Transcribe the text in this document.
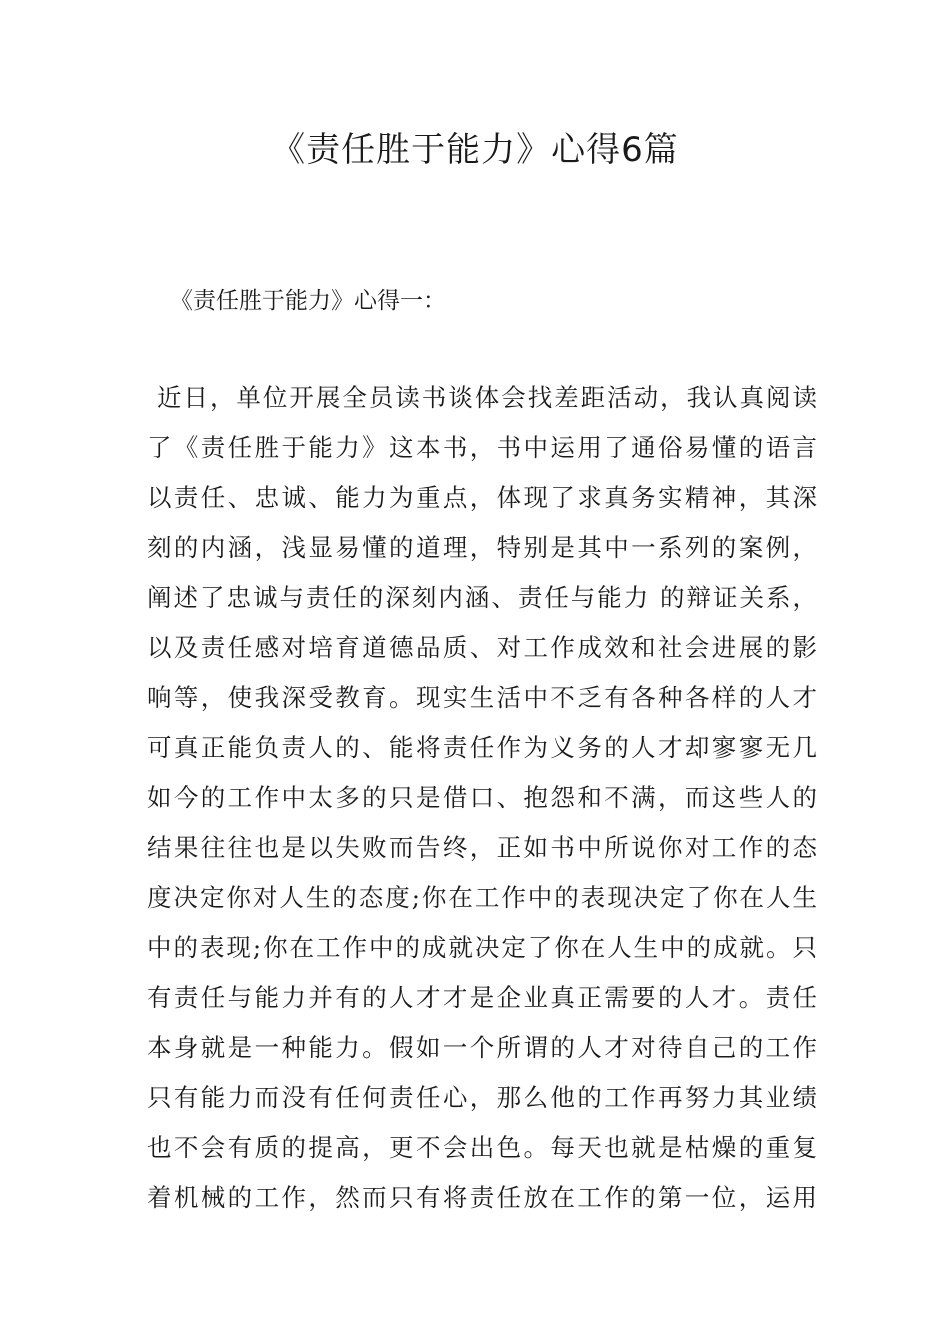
《责任胜于能力》心得6篇
《责任胜于能力》心得一：
近日，单位开展全员读书谈体会找差距活动，我认真阅读
了《责任胜于能力》这本书，书中运用了通俗易懂的语言
以责任、忠诚、能力为重点，体现了求真务实精神，其深
刻的内涵，浅显易懂的道理，特别是其中一系列的案例，
阐述了忠诚与责任的深刻内涵、责任与能力 的辩证关系，
以及责任感对培育道德品质、对工作成效和社会进展的影
响等，使我深受教育。现实生活中不乏有各种各样的人才
可真正能负责人的、能将责任作为义务的人才却寥寥无几
如今的工作中太多的只是借口、抱怨和不满，而这些人的
结果往往也是以失败而告终，正如书中所说你对工作的态
度决定你对人生的态度;你在工作中的表现决定了你在人生
中的表现;你在工作中的成就决定了你在人生中的成就。只
有责任与能力并有的人才才是企业真正需要的人才。责任
本身就是一种能力。假如一个所谓的人才对待自己的工作
只有能力而没有任何责任心，那么他的工作再努力其业绩
也不会有质的提高，更不会出色。每天也就是枯燥的重复
着机械的工作，然而只有将责任放在工作的第一位，运用
